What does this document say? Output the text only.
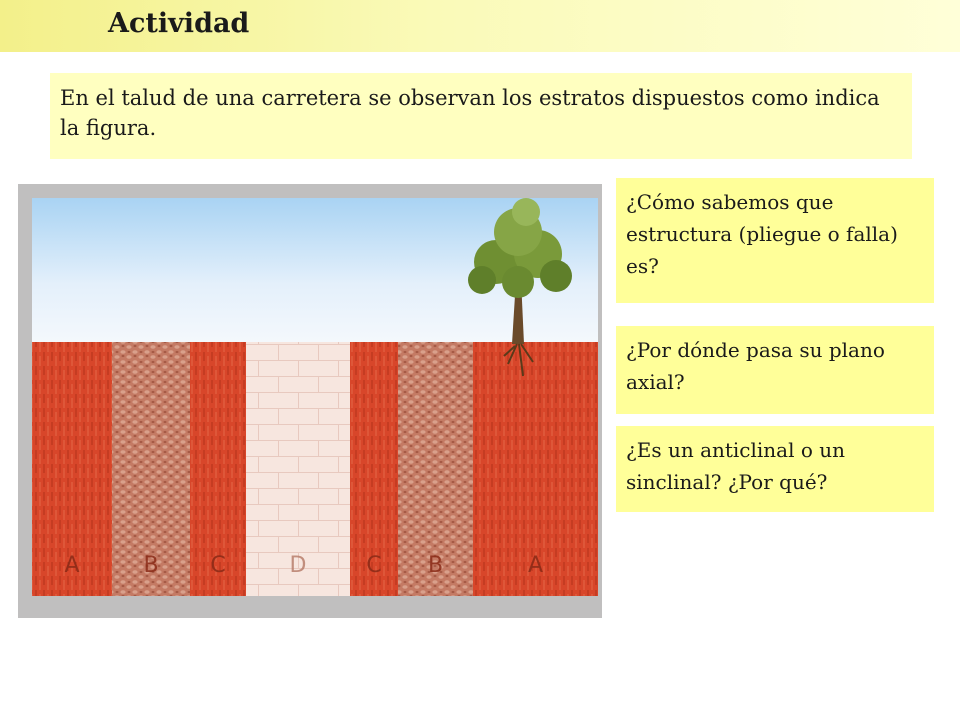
Actividad
En el talud de una carretera se observan los estratos dispuestos como indica la figura.
¿Cómo sabemos que estructura (pliegue o falla) es?
¿Por dónde pasa su plano axial?
¿Es un anticlinal o un sinclinal? ¿Por qué?
A	B C	D	C B	A
